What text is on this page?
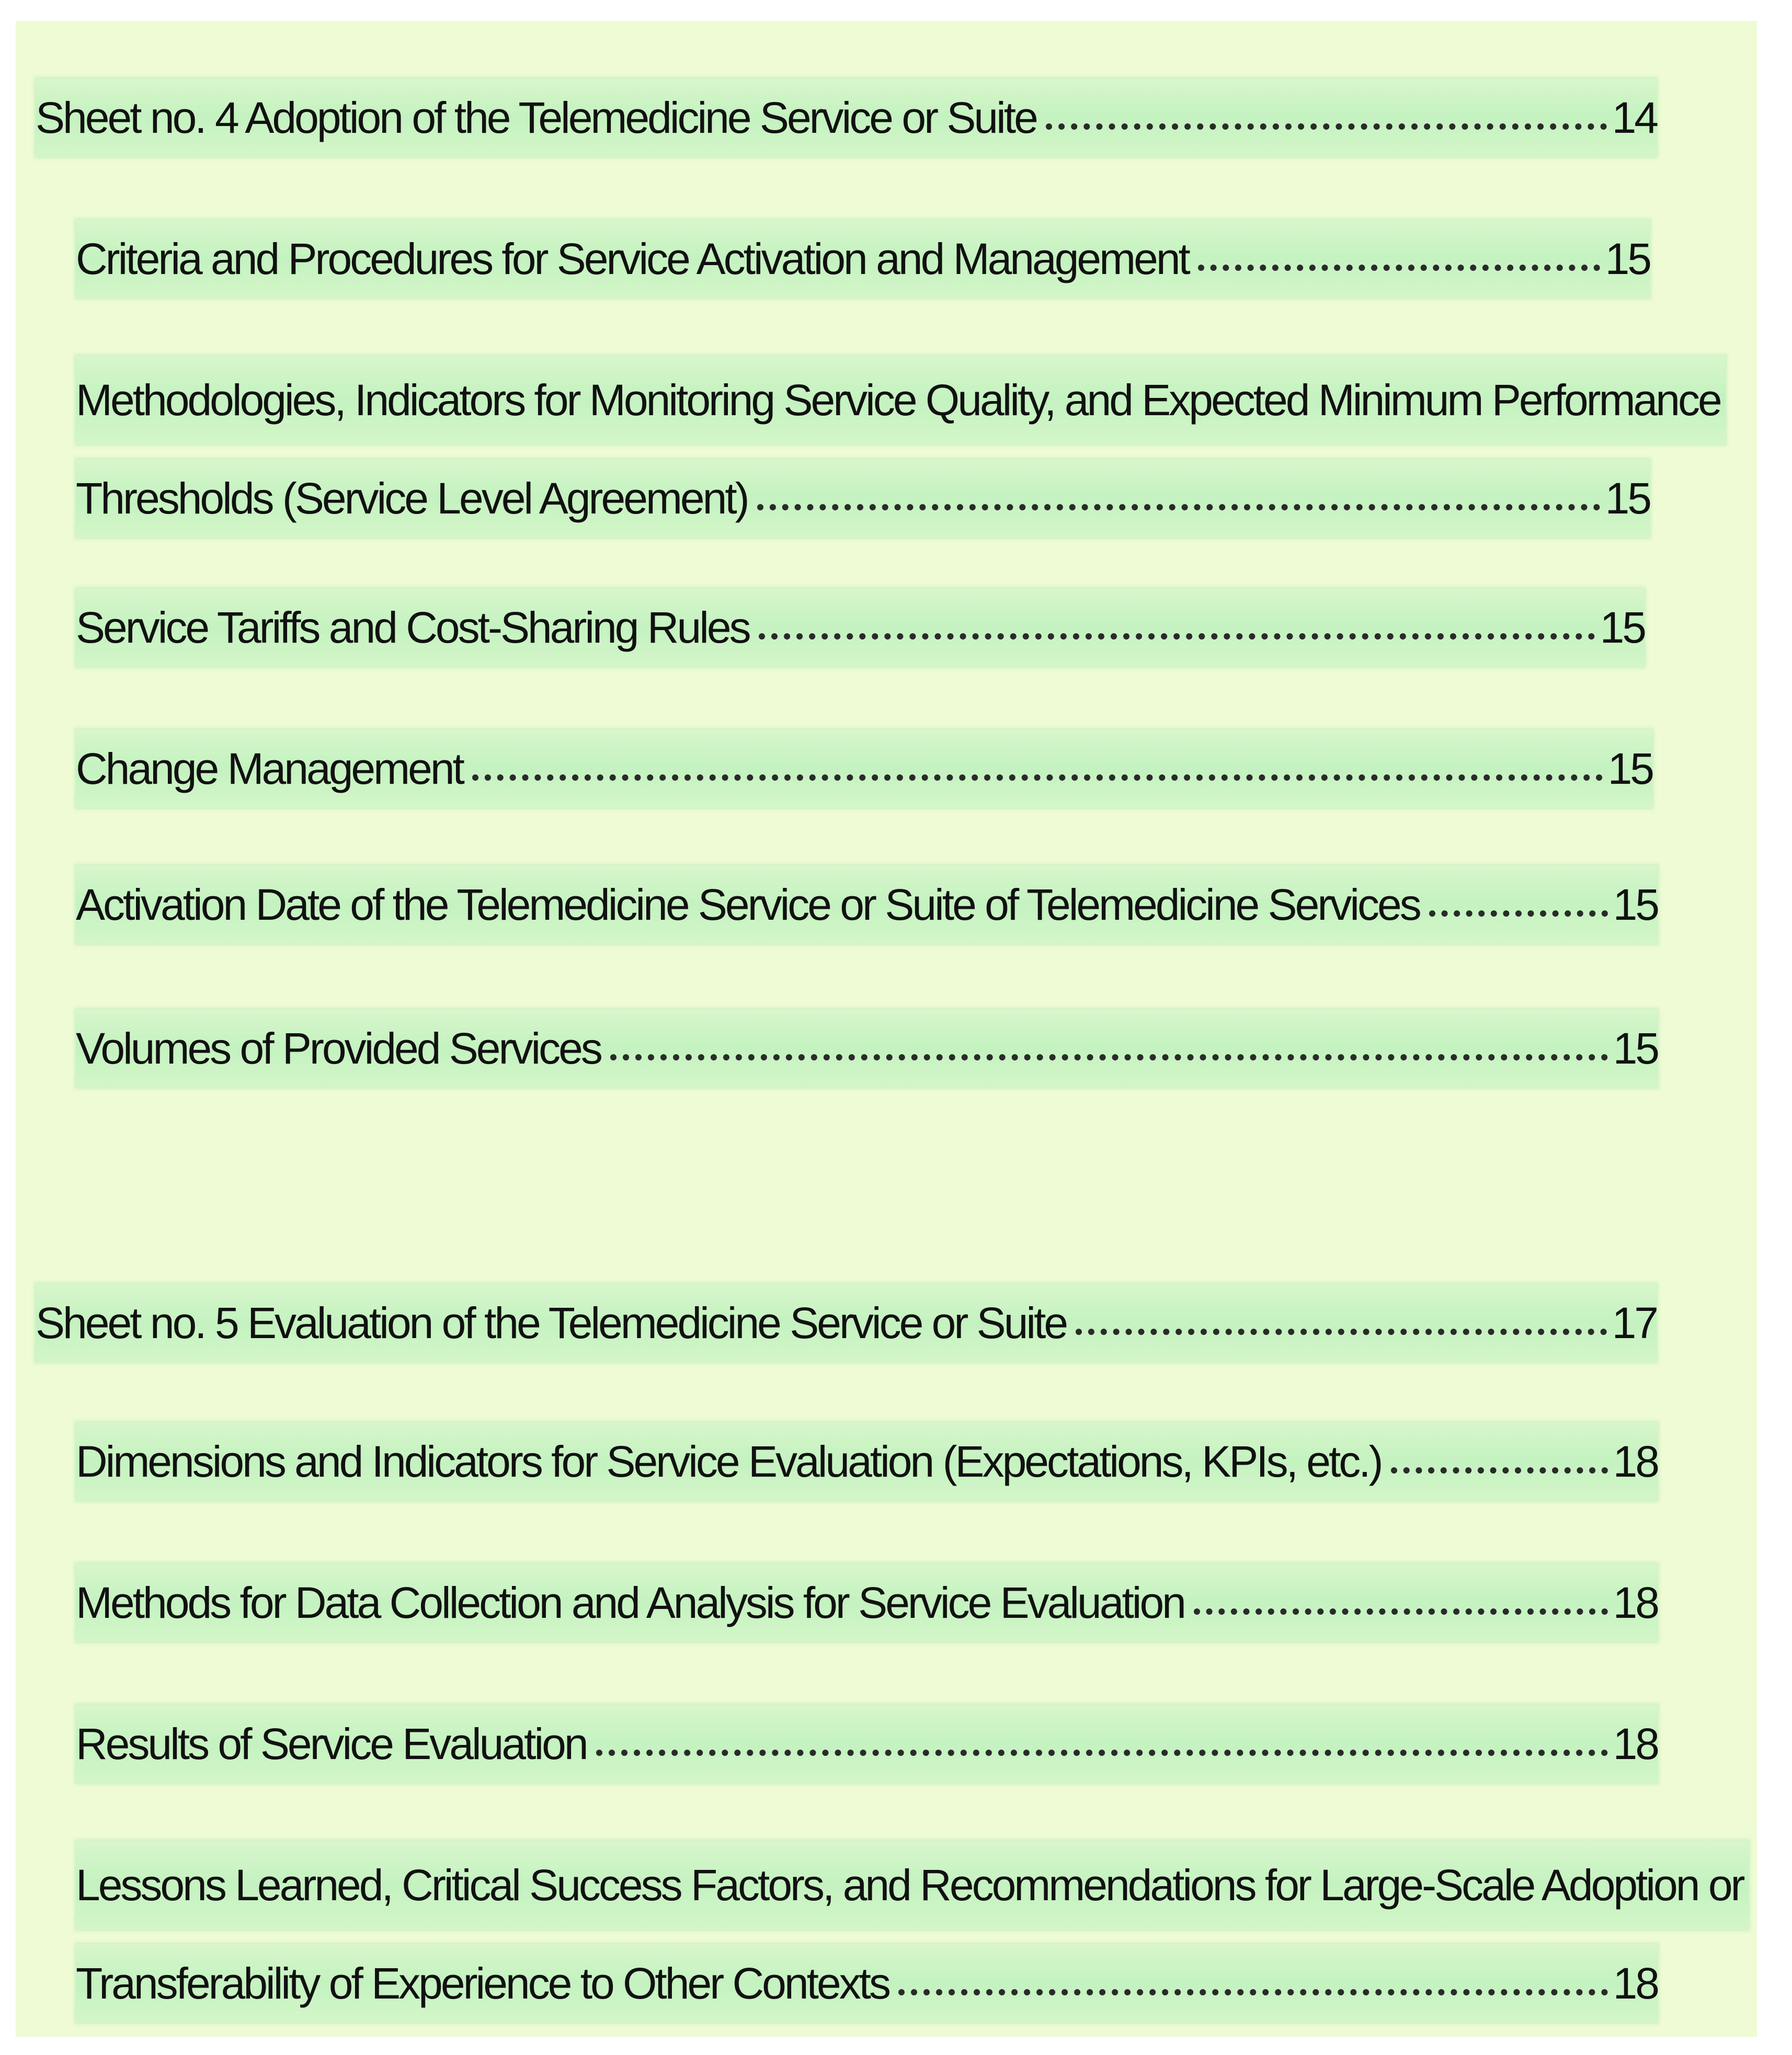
Sheet no. 4 Adoption of the Telemedicine Service or Suite	14
Criteria and Procedures for Service Activation and Management	15
Methodologies, Indicators for Monitoring Service Quality, and Expected Minimum Performance
Thresholds (Service Level Agreement)	15
Service Tariffs and Cost-Sharing Rules	15
Change Management	15
Activation Date of the Telemedicine Service or Suite of Telemedicine Services	15
Volumes of Provided Services	15
Sheet no. 5 Evaluation of the Telemedicine Service or Suite	17
Dimensions and Indicators for Service Evaluation (Expectations, KPIs, etc.)	18
Methods for Data Collection and Analysis for Service Evaluation	18
Results of Service Evaluation	18
Lessons Learned, Critical Success Factors, and Recommendations for Large-Scale Adoption or
Transferability of Experience to Other Contexts	18
